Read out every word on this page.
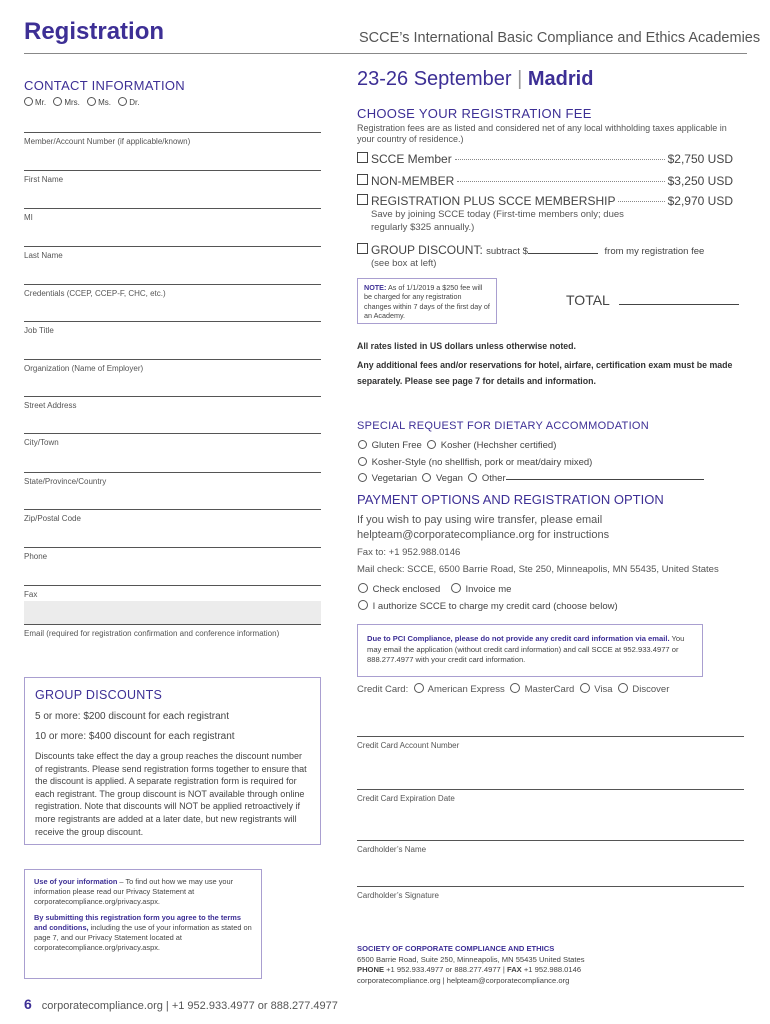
Registration	SCCE’s International Basic Compliance and Ethics Academies
CONTACT INFORMATION
Mr. Mrs. Ms. Dr.
Member/Account Number (if applicable/known)
First Name
MI
Last Name
Credentials (CCEP, CCEP-F, CHC, etc.)
Job Title
Organization (Name of Employer)
Street Address
City/Town
State/Province/Country
Zip/Postal Code
Phone
Fax
Email (required for registration confirmation and conference information)
GROUP DISCOUNTS
5 or more: $200 discount for each registrant
10 or more: $400 discount for each registrant
Discounts take effect the day a group reaches the discount number of registrants. Please send registration forms together to ensure that the discount is applied. A separate registration form is required for each registrant. The group discount is NOT available through online registration. Note that discounts will NOT be applied retroactively if more registrants are added at a later date, but new registrants will receive the group discount.

Use of your information – To find out how we may use your information please read our Privacy Statement at corporatecompliance.org/privacy.aspx.

By submitting this registration form you agree to the terms and conditions, including the use of your information as stated on page 7, and our Privacy Statement located at corporatecompliance.org/privacy.aspx.

6 corporatecompliance.org | +1 952.933.4977 or 888.277.4977
23-26 September | Madrid
CHOOSE YOUR REGISTRATION FEE
Registration fees are as listed and considered net of any local withholding taxes applicable in your country of residence.)
SCCE Member	$2,750 USD
NON-MEMBER	$3,250 USD
REGISTRATION PLUS SCCE MEMBERSHIP	$2,970 USD
Save by joining SCCE today (First-time members only; dues regularly $325 annually.)
GROUP DISCOUNT:
subtract $
	from my registration fee
(see box at left)
NOTE: As of 1/1/2019 a $250 fee will be charged for any registration changes within 7 days of the first day of an Academy.
TOTAL
All rates listed in US dollars unless otherwise noted.
Any additional fees and/or reservations for hotel, airfare, certification exam must be made separately. Please see page 7 for details and information.
SPECIAL REQUEST FOR DIETARY ACCOMMODATION
Gluten Free Kosher (Hechsher certified)
Kosher-Style (no shellfish, pork or meat/dairy mixed)
Vegetarian Vegan Other
PAYMENT OPTIONS AND REGISTRATION OPTION
If you wish to pay using wire transfer, please email helpteam@corporatecompliance.org for instructions
Fax to: +1 952.988.0146
Mail check: SCCE, 6500 Barrie Road, Ste 250, Minneapolis, MN 55435, United States
Check enclosed	Invoice me
I authorize SCCE to charge my credit card (choose below)
Due to PCI Compliance, please do not provide any credit card information via email. You may email the application (without credit card information) and call SCCE at 952.933.4977 or 888.277.4977 with your credit card information.
Credit Card: American Express MasterCard Visa Discover
Credit Card Account Number
Credit Card Expiration Date
Cardholder’s Name
Cardholder’s Signature
SOCIETY OF CORPORATE COMPLIANCE AND ETHICS
6500 Barrie Road, Suite 250, Minneapolis, MN 55435 United States
PHONE +1 952.933.4977 or 888.277.4977 | FAX +1 952.988.0146
corporatecompliance.org | helpteam@corporatecompliance.org
